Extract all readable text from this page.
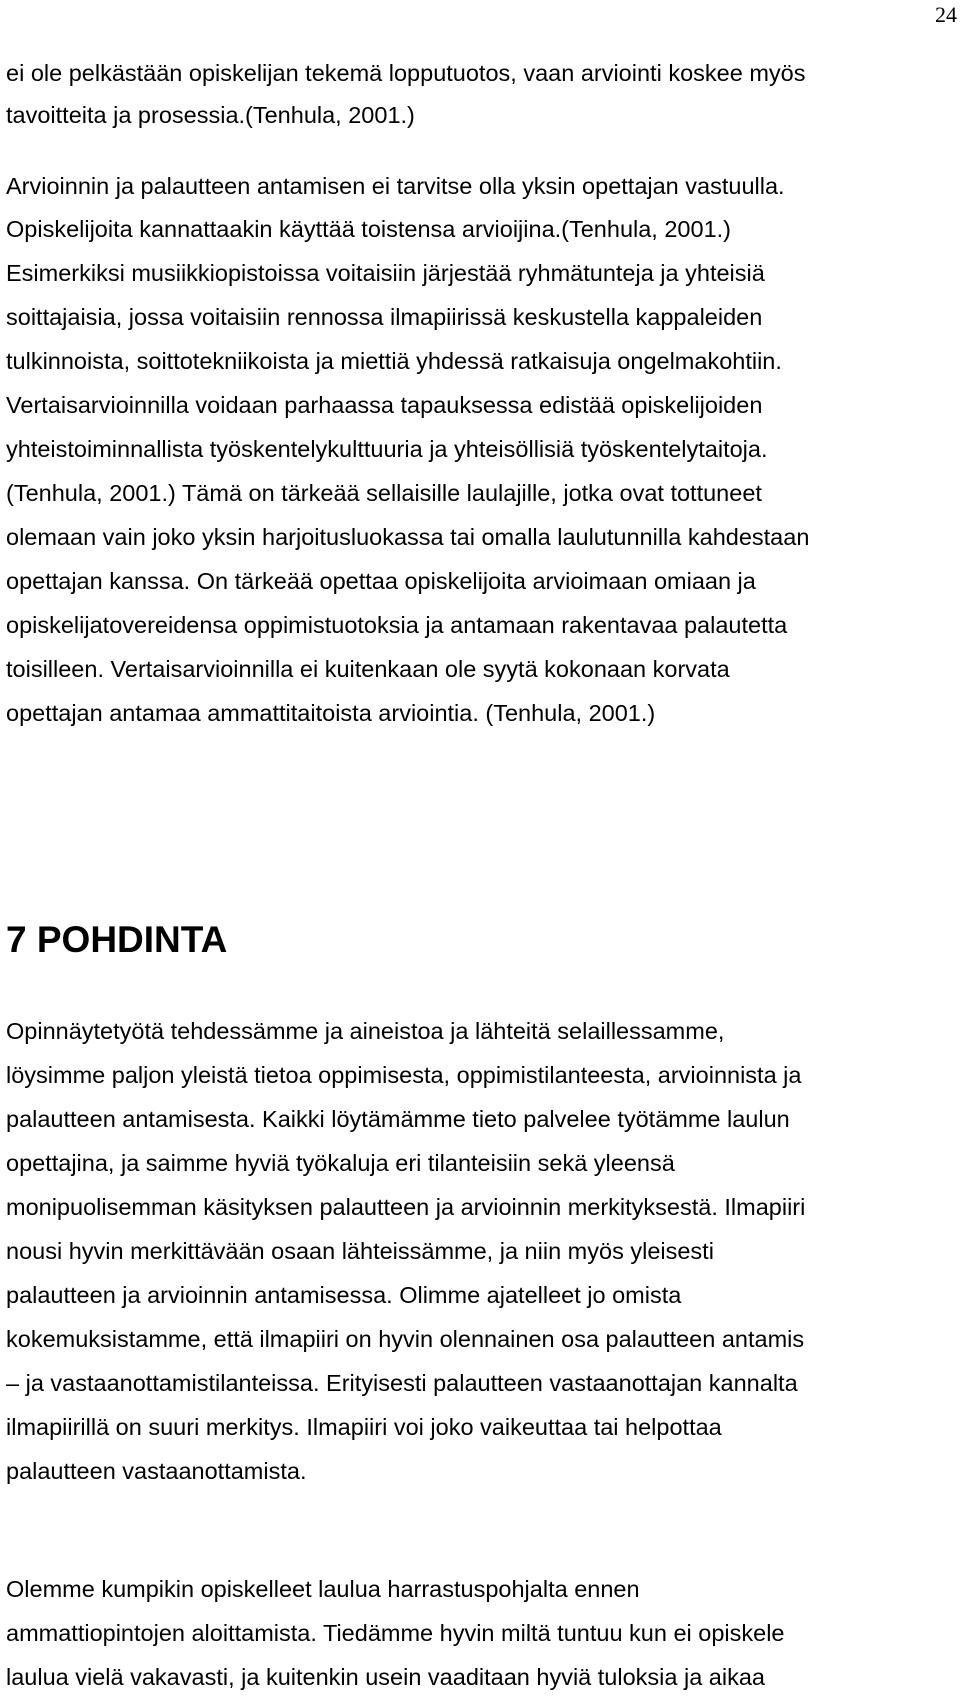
24
ei ole pelkästään opiskelijan tekemä lopputuotos, vaan arviointi koskee myös
tavoitteita ja prosessia.(Tenhula, 2001.)
Arvioinnin ja palautteen antamisen ei tarvitse olla yksin opettajan vastuulla.
Opiskelijoita kannattaakin käyttää toistensa arvioijina.(Tenhula, 2001.)
Esimerkiksi musiikkiopistoissa voitaisiin järjestää ryhmätunteja ja yhteisiä
soittajaisia, jossa voitaisiin rennossa ilmapiirissä keskustella kappaleiden
tulkinnoista, soittotekniikoista ja miettiä yhdessä ratkaisuja ongelmakohtiin.
Vertaisarvioinnilla voidaan parhaassa tapauksessa edistää opiskelijoiden
yhteistoiminnallista työskentelykulttuuria ja yhteisöllisiä työskentelytaitoja.
(Tenhula, 2001.) Tämä on tärkeää sellaisille laulajille, jotka ovat tottuneet
olemaan vain joko yksin harjoitusluokassa tai omalla laulutunnilla kahdestaan
opettajan kanssa. On tärkeää opettaa opiskelijoita arvioimaan omiaan ja
opiskelijatovereidensa oppimistuotoksia ja antamaan rakentavaa palautetta
toisilleen. Vertaisarvioinnilla ei kuitenkaan ole syytä kokonaan korvata
opettajan antamaa ammattitaitoista arviointia. (Tenhula, 2001.)
7 POHDINTA
Opinnäytetyötä tehdessämme ja aineistoa ja lähteitä selaillessamme,
löysimme paljon yleistä tietoa oppimisesta, oppimistilanteesta, arvioinnista ja
palautteen antamisesta. Kaikki löytämämme tieto palvelee työtämme laulun
opettajina, ja saimme hyviä työkaluja eri tilanteisiin sekä yleensä
monipuolisemman käsityksen palautteen ja arvioinnin merkityksestä. Ilmapiiri
nousi hyvin merkittävään osaan lähteissämme, ja niin myös yleisesti
palautteen ja arvioinnin antamisessa. Olimme ajatelleet jo omista
kokemuksistamme, että ilmapiiri on hyvin olennainen osa palautteen antamis
– ja vastaanottamistilanteissa. Erityisesti palautteen vastaanottajan kannalta
ilmapiirillä on suuri merkitys. Ilmapiiri voi joko vaikeuttaa tai helpottaa
palautteen vastaanottamista.
Olemme kumpikin opiskelleet laulua harrastuspohjalta ennen
ammattiopintojen aloittamista. Tiedämme hyvin miltä tuntuu kun ei opiskele
laulua vielä vakavasti, ja kuitenkin usein vaaditaan hyviä tuloksia ja aikaa
